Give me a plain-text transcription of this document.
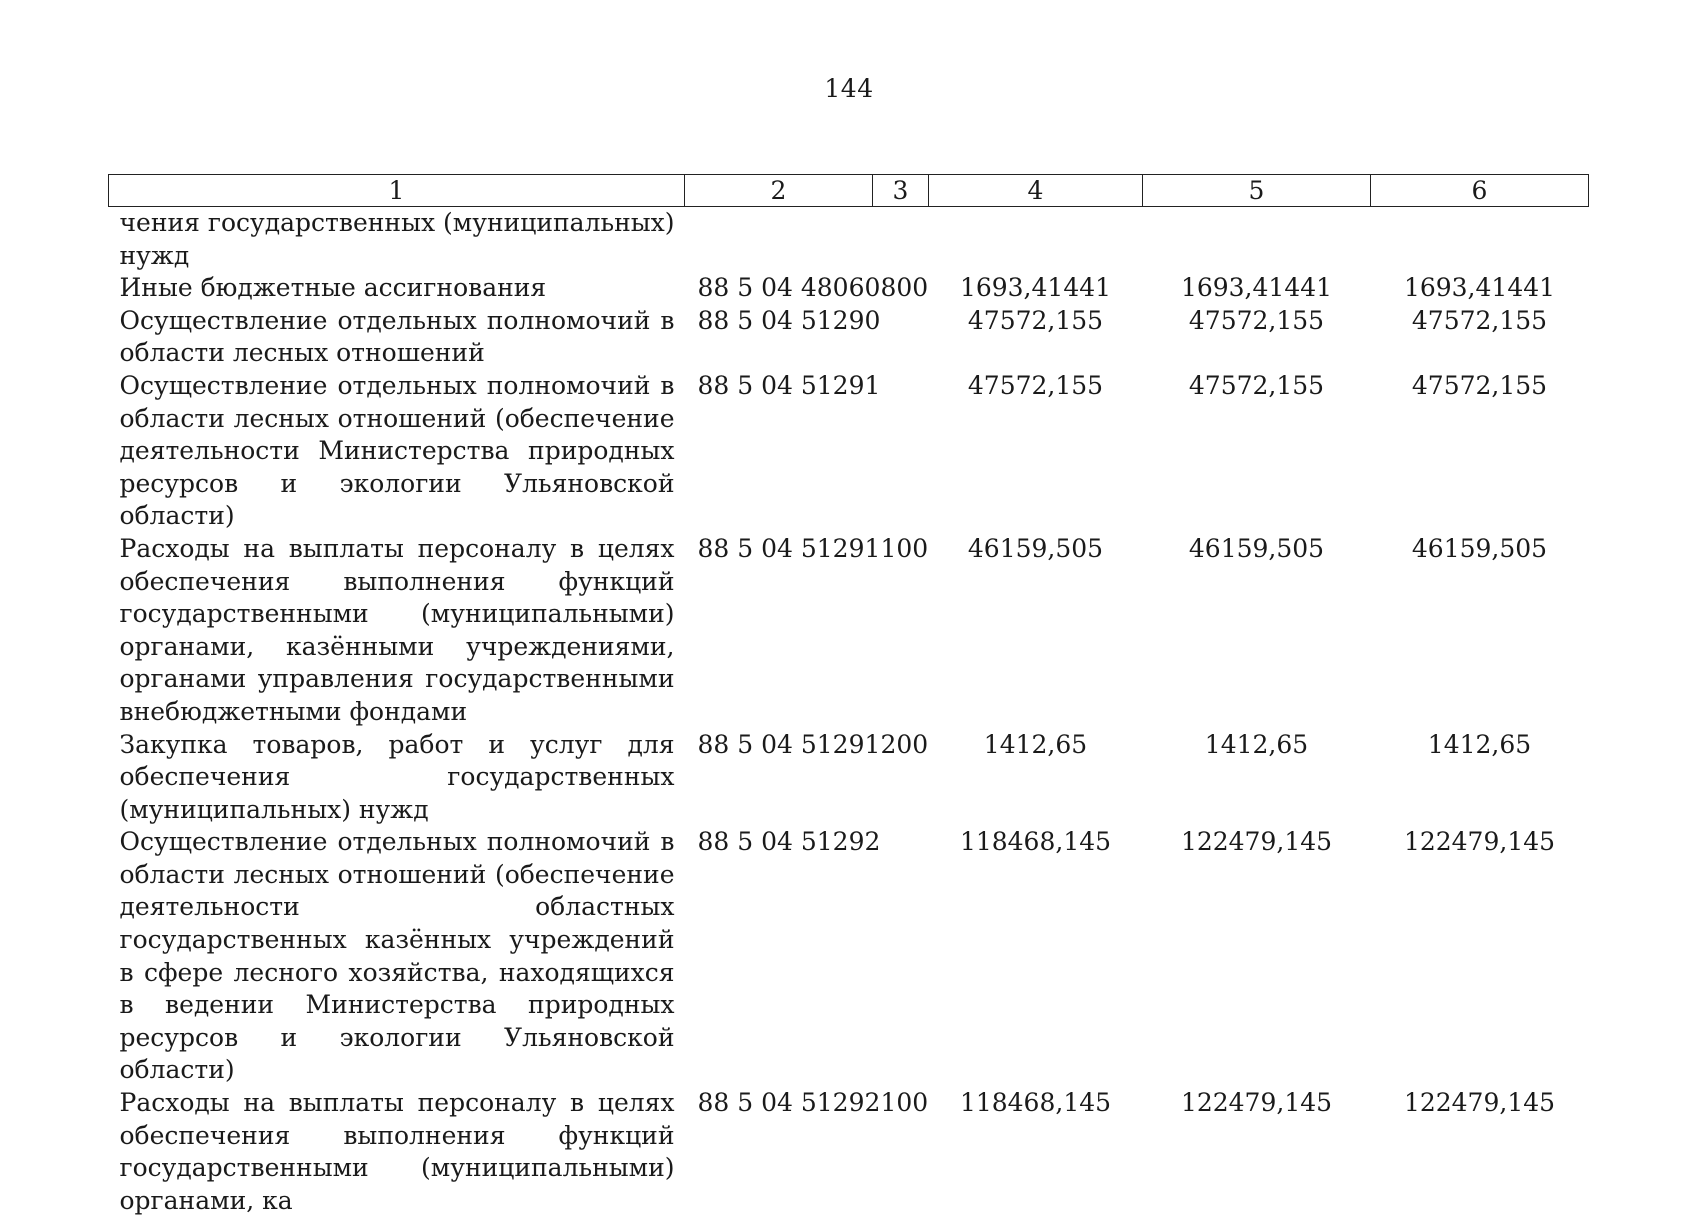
144
1	2	3	4	5	6
чения государственных (муниципальных) нужд					
Иные бюджетные ассигнования	88 5 04 48060	800	1693,41441	1693,41441	1693,41441
Осуществление отдельных полномочий в области лесных отношений	88 5 04 51290		47572,155	47572,155	47572,155
Осуществление отдельных полномочий в области лесных отношений (обеспечение деятельности Министерства природных ресурсов и экологии Ульяновской области)	88 5 04 51291		47572,155	47572,155	47572,155
Расходы на выплаты персоналу в целях обеспечения выполнения функций государственными (муниципальными) органами, казёнными учреждениями, органами управления государственными внебюджетными фондами	88 5 04 51291	100	46159,505	46159,505	46159,505
Закупка товаров, работ и услуг для обеспечения государственных (муниципальных) нужд	88 5 04 51291	200	1412,65	1412,65	1412,65
Осуществление отдельных полномочий в области лесных отношений (обеспечение деятельности областных государственных казённых учреждений в сфере лесного хозяйства, находящихся в ведении Министерства природных ресурсов и экологии Ульяновской области)	88 5 04 51292		118468,145	122479,145	122479,145
Расходы на выплаты персоналу в целях обеспечения выполнения функций государственными (муниципальными) органами, ка	88 5 04 51292	100	118468,145	122479,145	122479,145
